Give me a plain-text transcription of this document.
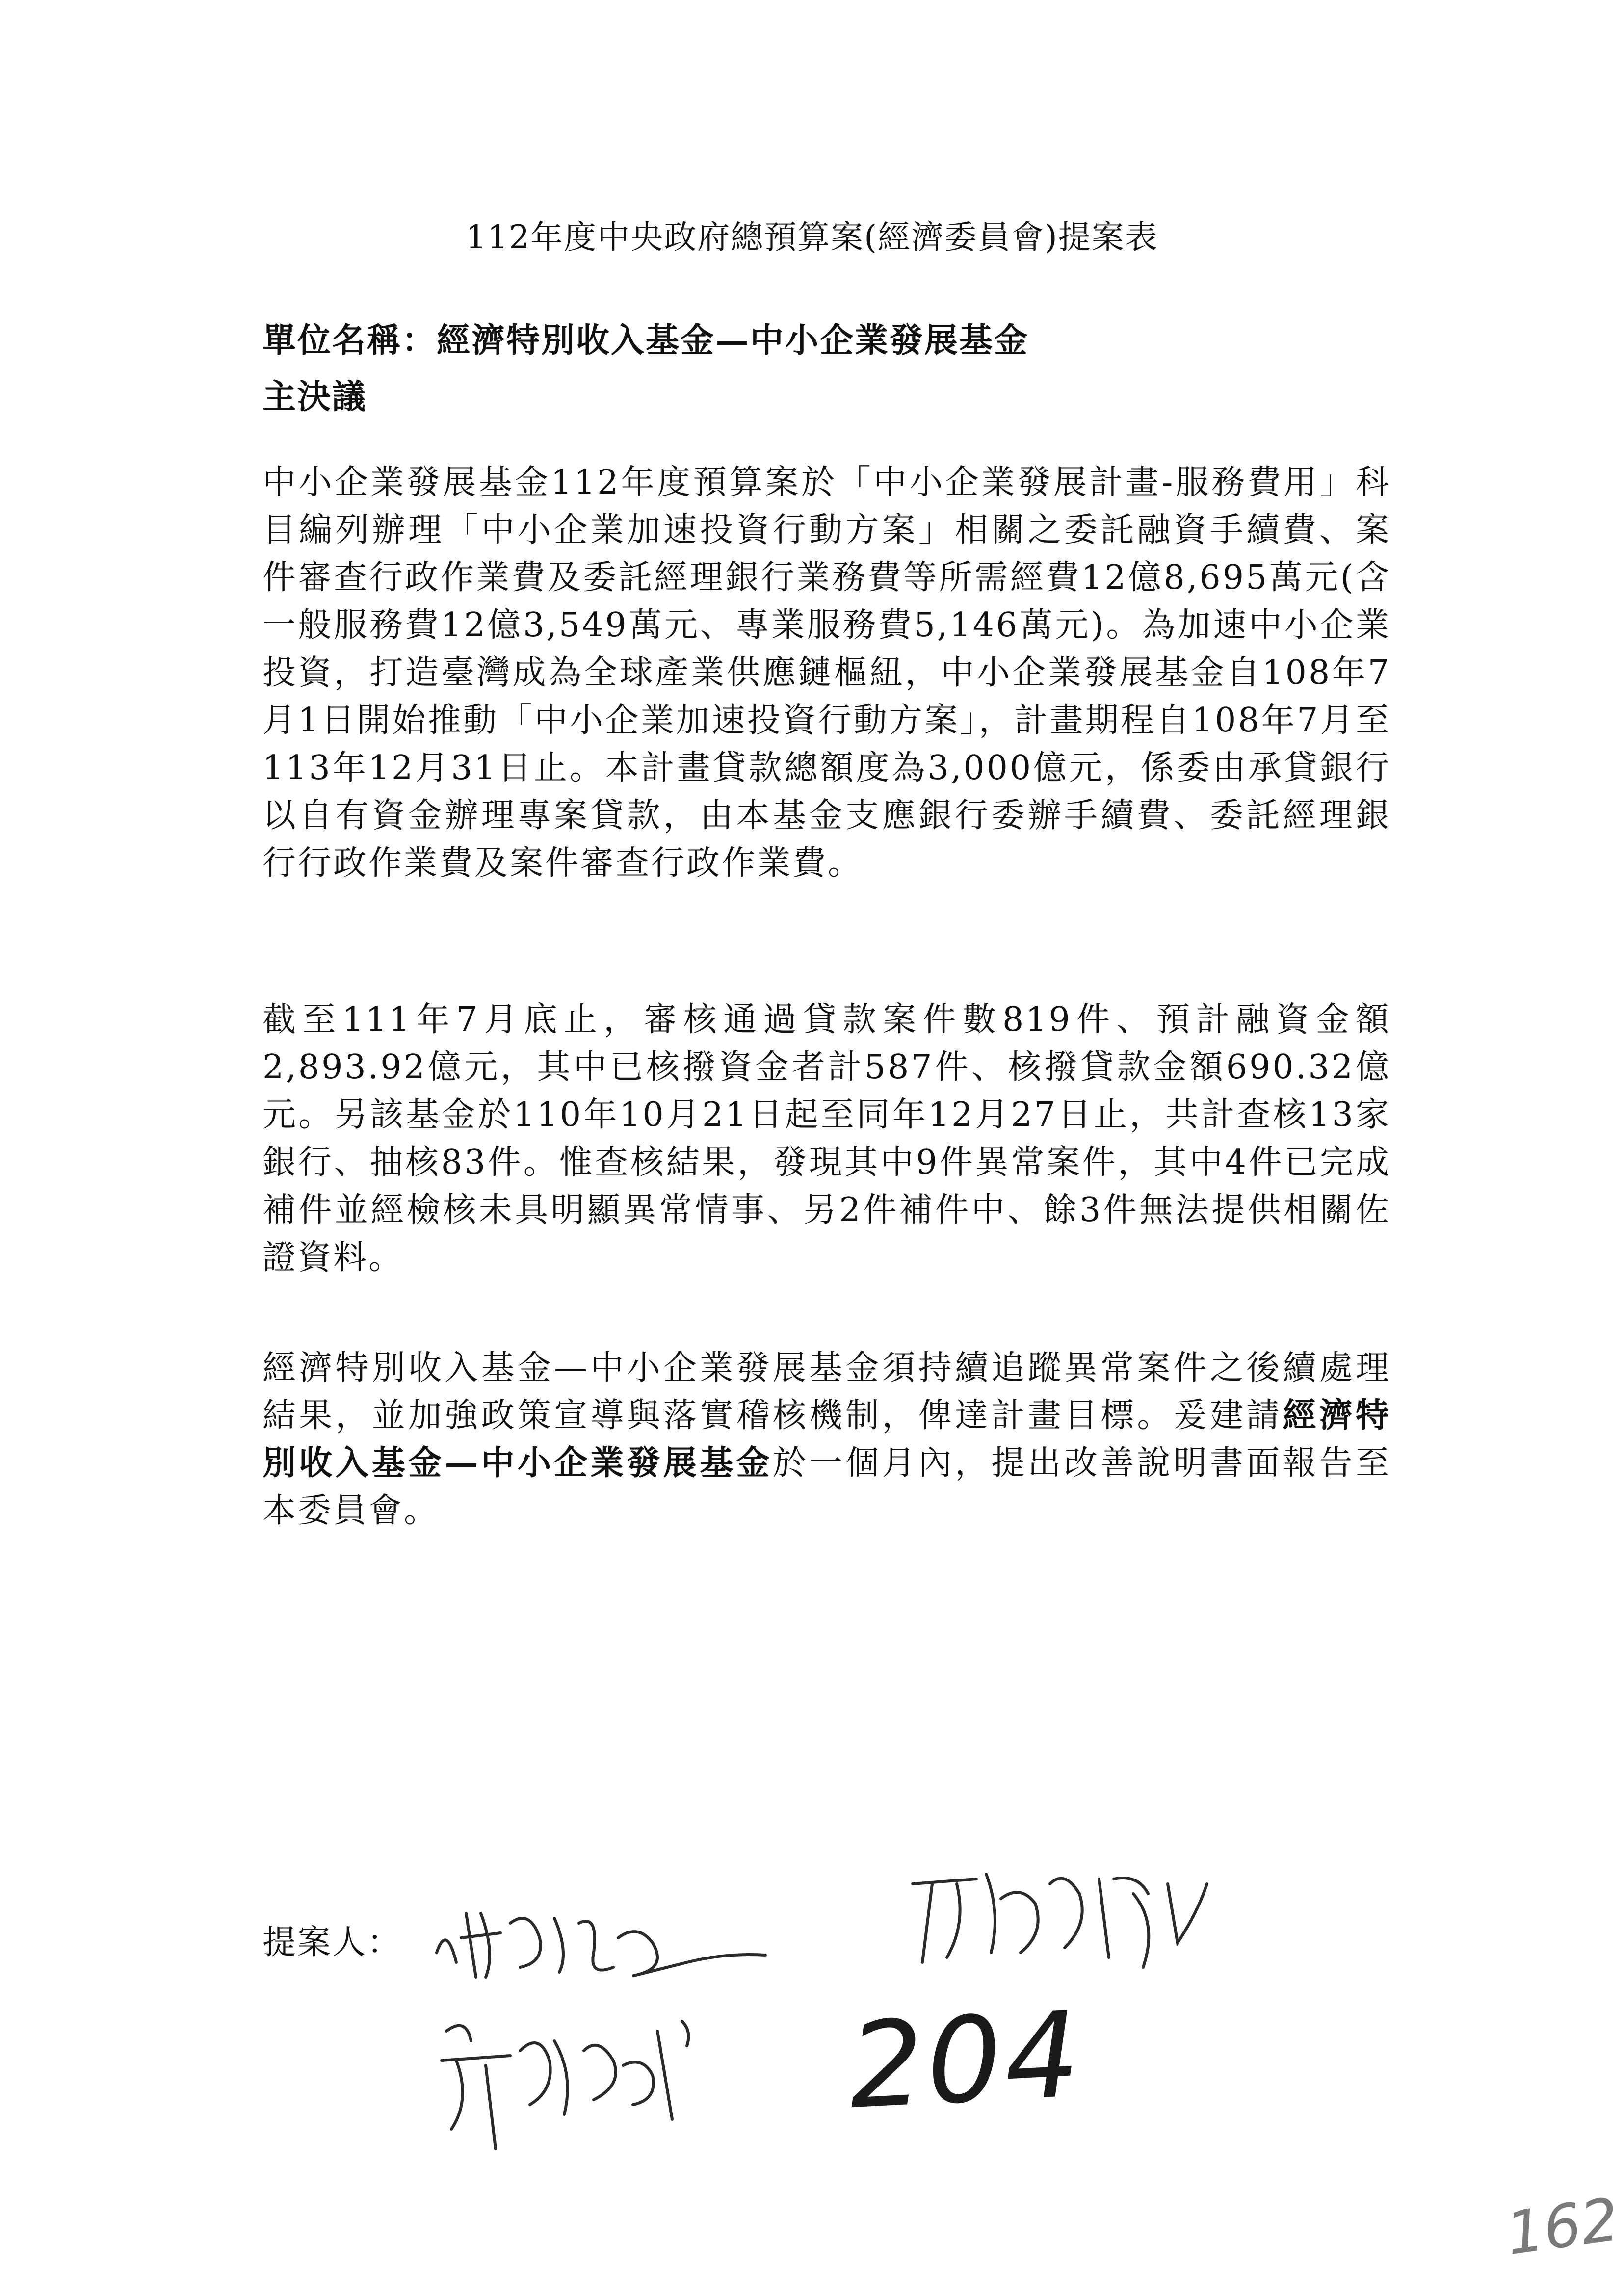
112年度中央政府總預算案(經濟委員會)提案表
單位名稱：經濟特別收入基金—中小企業發展基金
主決議

中小企業發展基金112年度預算案於「中小企業發展計畫-服務費用」科目編列辦理「中小企業加速投資行動方案」相關之委託融資手續費、案件審查行政作業費及委託經理銀行業務費等所需經費12億8,695萬元(含一般服務費12億3,549萬元、專業服務費5,146萬元)。為加速中小企業投資，打造臺灣成為全球產業供應鏈樞紐，中小企業發展基金自108年7月1日開始推動「中小企業加速投資行動方案」，計畫期程自108年7月至113年12月31日止。本計畫貸款總額度為3,000億元，係委由承貸銀行以自有資金辦理專案貸款，由本基金支應銀行委辦手續費、委託經理銀行行政作業費及案件審查行政作業費。

截至111年7月底止，審核通過貸款案件數819件、預計融資金額2,893.92億元，其中已核撥資金者計587件、核撥貸款金額690.32億元。另該基金於110年10月21日起至同年12月27日止，共計查核13家銀行、抽核83件。惟查核結果，發現其中9件異常案件，其中4件已完成補件並經檢核未具明顯異常情事、另2件補件中、餘3件無法提供相關佐證資料。

經濟特別收入基金—中小企業發展基金須持續追蹤異常案件之後續處理結果，並加強政策宣導與落實稽核機制，俾達計畫目標。爰建請經濟特別收入基金—中小企業發展基金於一個月內，提出改善說明書面報告至本委員會。

提案人：
204
162
